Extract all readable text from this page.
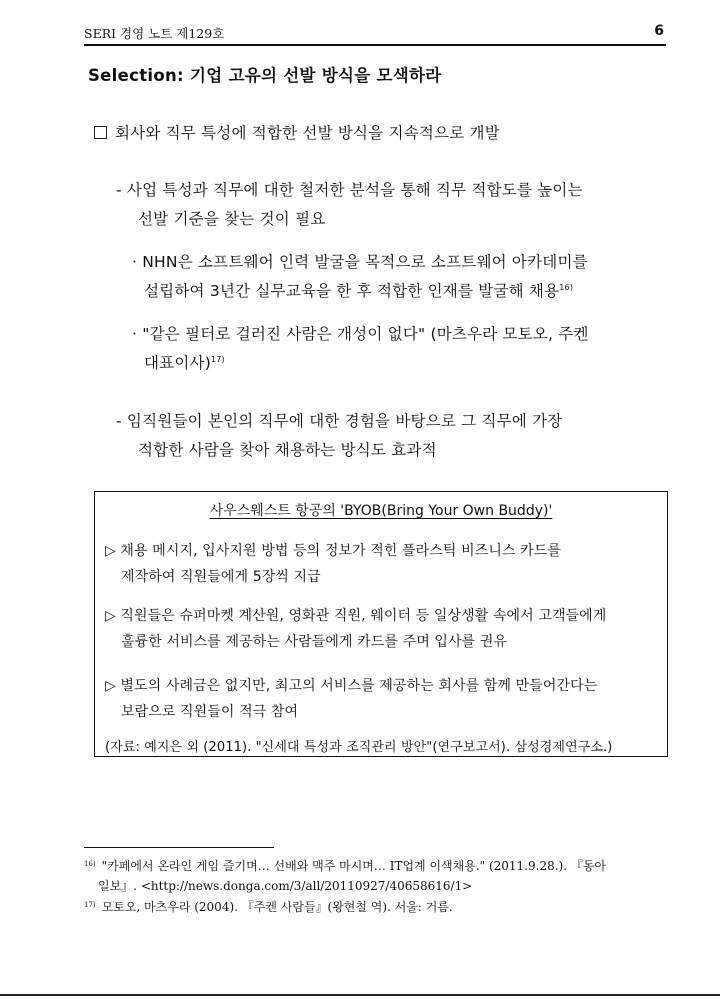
SERI 경영 노트 제129호	6
Selection: 기업 고유의 선발 방식을 모색하라
회사와 직무 특성에 적합한 선발 방식을 지속적으로 개발
- 사업 특성과 직무에 대한 철저한 분석을 통해 직무 적합도를 높이는
선발 기준을 찾는 것이 필요
· NHN은 소프트웨어 인력 발굴을 목적으로 소프트웨어 아카데미를
설립하여 3년간 실무교육을 한 후 적합한 인재를 발굴해 채용$^{16)}$
· "같은 필터로 걸러진 사람은 개성이 없다" (마츠우라 모토오, 주켄
대표이사)$^{17)}$
- 임직원들이 본인의 직무에 대한 경험을 바탕으로 그 직무에 가장
적합한 사람을 찾아 채용하는 방식도 효과적
사우스웨스트 항공의 'BYOB(Bring Your Own Buddy)'
▷ 채용 메시지, 입사지원 방법 등의 정보가 적힌 플라스틱 비즈니스 카드를
제작하여 직원들에게 5장씩 지급
▷ 직원들은 슈퍼마켓 계산원, 영화관 직원, 웨이터 등 일상생활 속에서 고객들에게
훌륭한 서비스를 제공하는 사람들에게 카드를 주며 입사를 권유
▷ 별도의 사례금은 없지만, 최고의 서비스를 제공하는 회사를 함께 만들어간다는
보람으로 직원들이 적극 참여
(자료: 예지은 외 (2011). "신세대 특성과 조직관리 방안"(연구보고서). 삼성경제연구소.)
$^{16)}$ "카페에서 온라인 게임 즐기며… 선배와 맥주 마시며… IT업계 이색채용." (2011.9.28.). 『동아
일보』. <http://news.donga.com/3/all/20110927/40658616/1>
$^{17)}$ 모토오, 마츠우라 (2004). 『주켄 사람들』(왕현철 역). 서울: 거름.
